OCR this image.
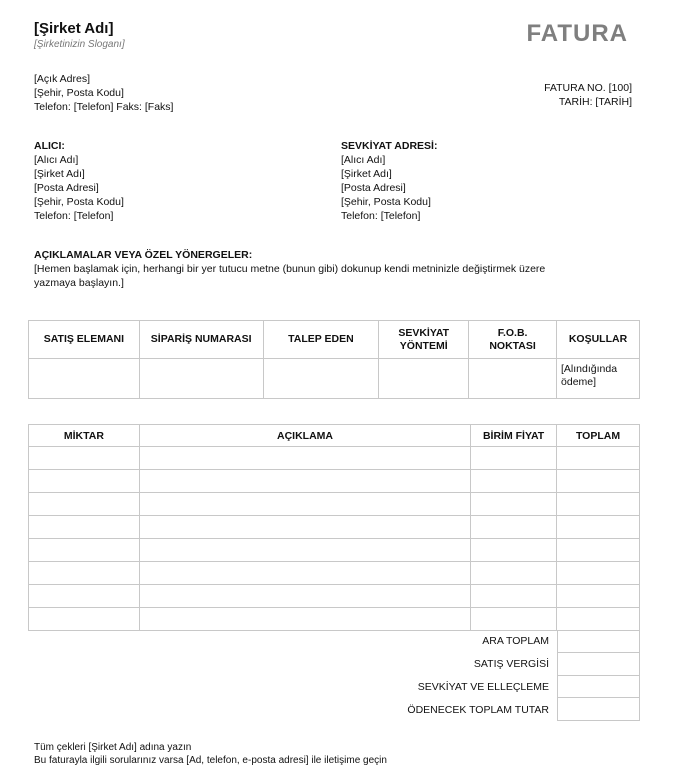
[Şirket Adı]
[Şirketinizin Sloganı]	FATURA
[Açık Adres]
[Şehir, Posta Kodu]
Telefon: [Telefon] Faks: [Faks]
FATURA NO. [100]
TARİH: [TARİH]
ALICI:
[Alıcı Adı]
[Şirket Adı]
[Posta Adresi]
[Şehir, Posta Kodu]
Telefon: [Telefon]
SEVKİYAT ADRESİ:
[Alıcı Adı]
[Şirket Adı]
[Posta Adresi]
[Şehir, Posta Kodu]
Telefon: [Telefon]
AÇIKLAMALAR VEYA ÖZEL YÖNERGELER:
[Hemen başlamak için, herhangi bir yer tutucu metne (bunun gibi) dokunup kendi metninizle değiştirmek üzere
yazmaya başlayın.]
SATIŞ ELEMANI	SİPARİŞ NUMARASI	TALEP EDEN	SEVKİYAT YÖNTEMİ	F.O.B. NOKTASI	KOŞULLAR
					[Alındığında ödeme]
MİKTAR	AÇIKLAMA	BİRİM FİYAT	TOPLAM

ARA TOPLAM
SATIŞ VERGİSİ
SEVKİYAT VE ELLEÇLEME
ÖDENECEK TOPLAM TUTAR
Tüm çekleri [Şirket Adı] adına yazın
Bu faturayla ilgili sorularınız varsa [Ad, telefon, e-posta adresi] ile iletişime geçin
